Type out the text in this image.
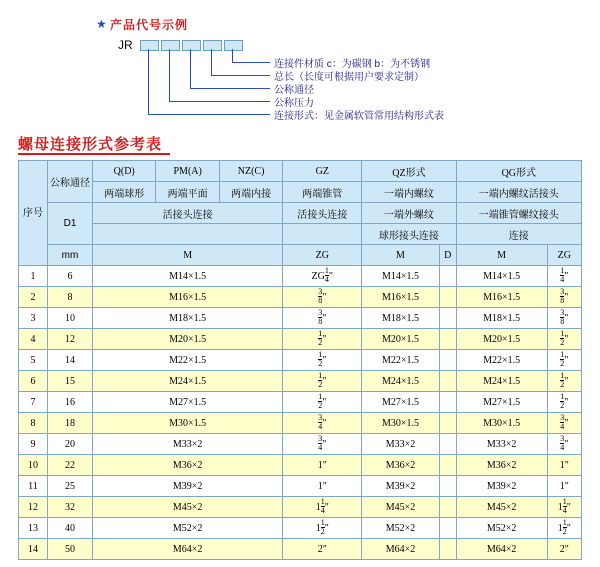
★ 产品代号示例
JR
连接件材质 c：为碳钢 b：为不锈钢
总长（长度可根据用户要求定制）
公称通径
公称压力
连接形式：见金属软管常用结构形式表
螺母连接形式参考表
序号	公称通径	Q(D)	PM(A)	NZ(C)	GZ	QZ形式		QG形式	
		两端球形	两端平面	两端内接	两端锥管	一端内螺纹		一端内螺纹活接头	
	D1	活接头连接			活接头连接	一端外螺纹		一端锥管螺纹接头	
						球形接头连接		连接	
	mm	M			ZG	M	D	M	ZG
1	6	M14×1.5			ZG $\frac{1}{4}$ "	M14×1.5		M14×1.5	$\frac{1}{4}$ "
2	8	M16×1.5			$\frac{3}{8}$ "	M16×1.5		M16×1.5	$\frac{3}{8}$ "
3	10	M18×1.5			$\frac{3}{8}$ "	M18×1.5		M18×1.5	$\frac{3}{8}$ "
4	12	M20×1.5			$\frac{1}{2}$ "	M20×1.5		M20×1.5	$\frac{1}{2}$ "
5	14	M22×1.5			$\frac{1}{2}$ "	M22×1.5		M22×1.5	$\frac{1}{2}$ "
6	15	M24×1.5			$\frac{1}{2}$ "	M24×1.5		M24×1.5	$\frac{1}{2}$ "
7	16	M27×1.5			$\frac{1}{2}$ "	M27×1.5		M27×1.5	$\frac{1}{2}$ "
8	18	M30×1.5			$\frac{3}{4}$ "	M30×1.5		M30×1.5	$\frac{3}{4}$ "
9	20	M33×2			$\frac{3}{4}$ "	M33×2		M33×2	$\frac{3}{4}$ "
10	22	M36×2			1"	M36×2		M36×2	1"
11	25	M39×2			1"	M39×2		M39×2	1"
12	32	M45×2			$1 \frac{1}{4}$ "	M45×2		M45×2	$1 \frac{1}{4}$ "
13	40	M52×2			$1 \frac{1}{2}$ "	M52×2		M52×2	$1 \frac{1}{2}$ "
14	50	M64×2			2"	M64×2		M64×2	2"
